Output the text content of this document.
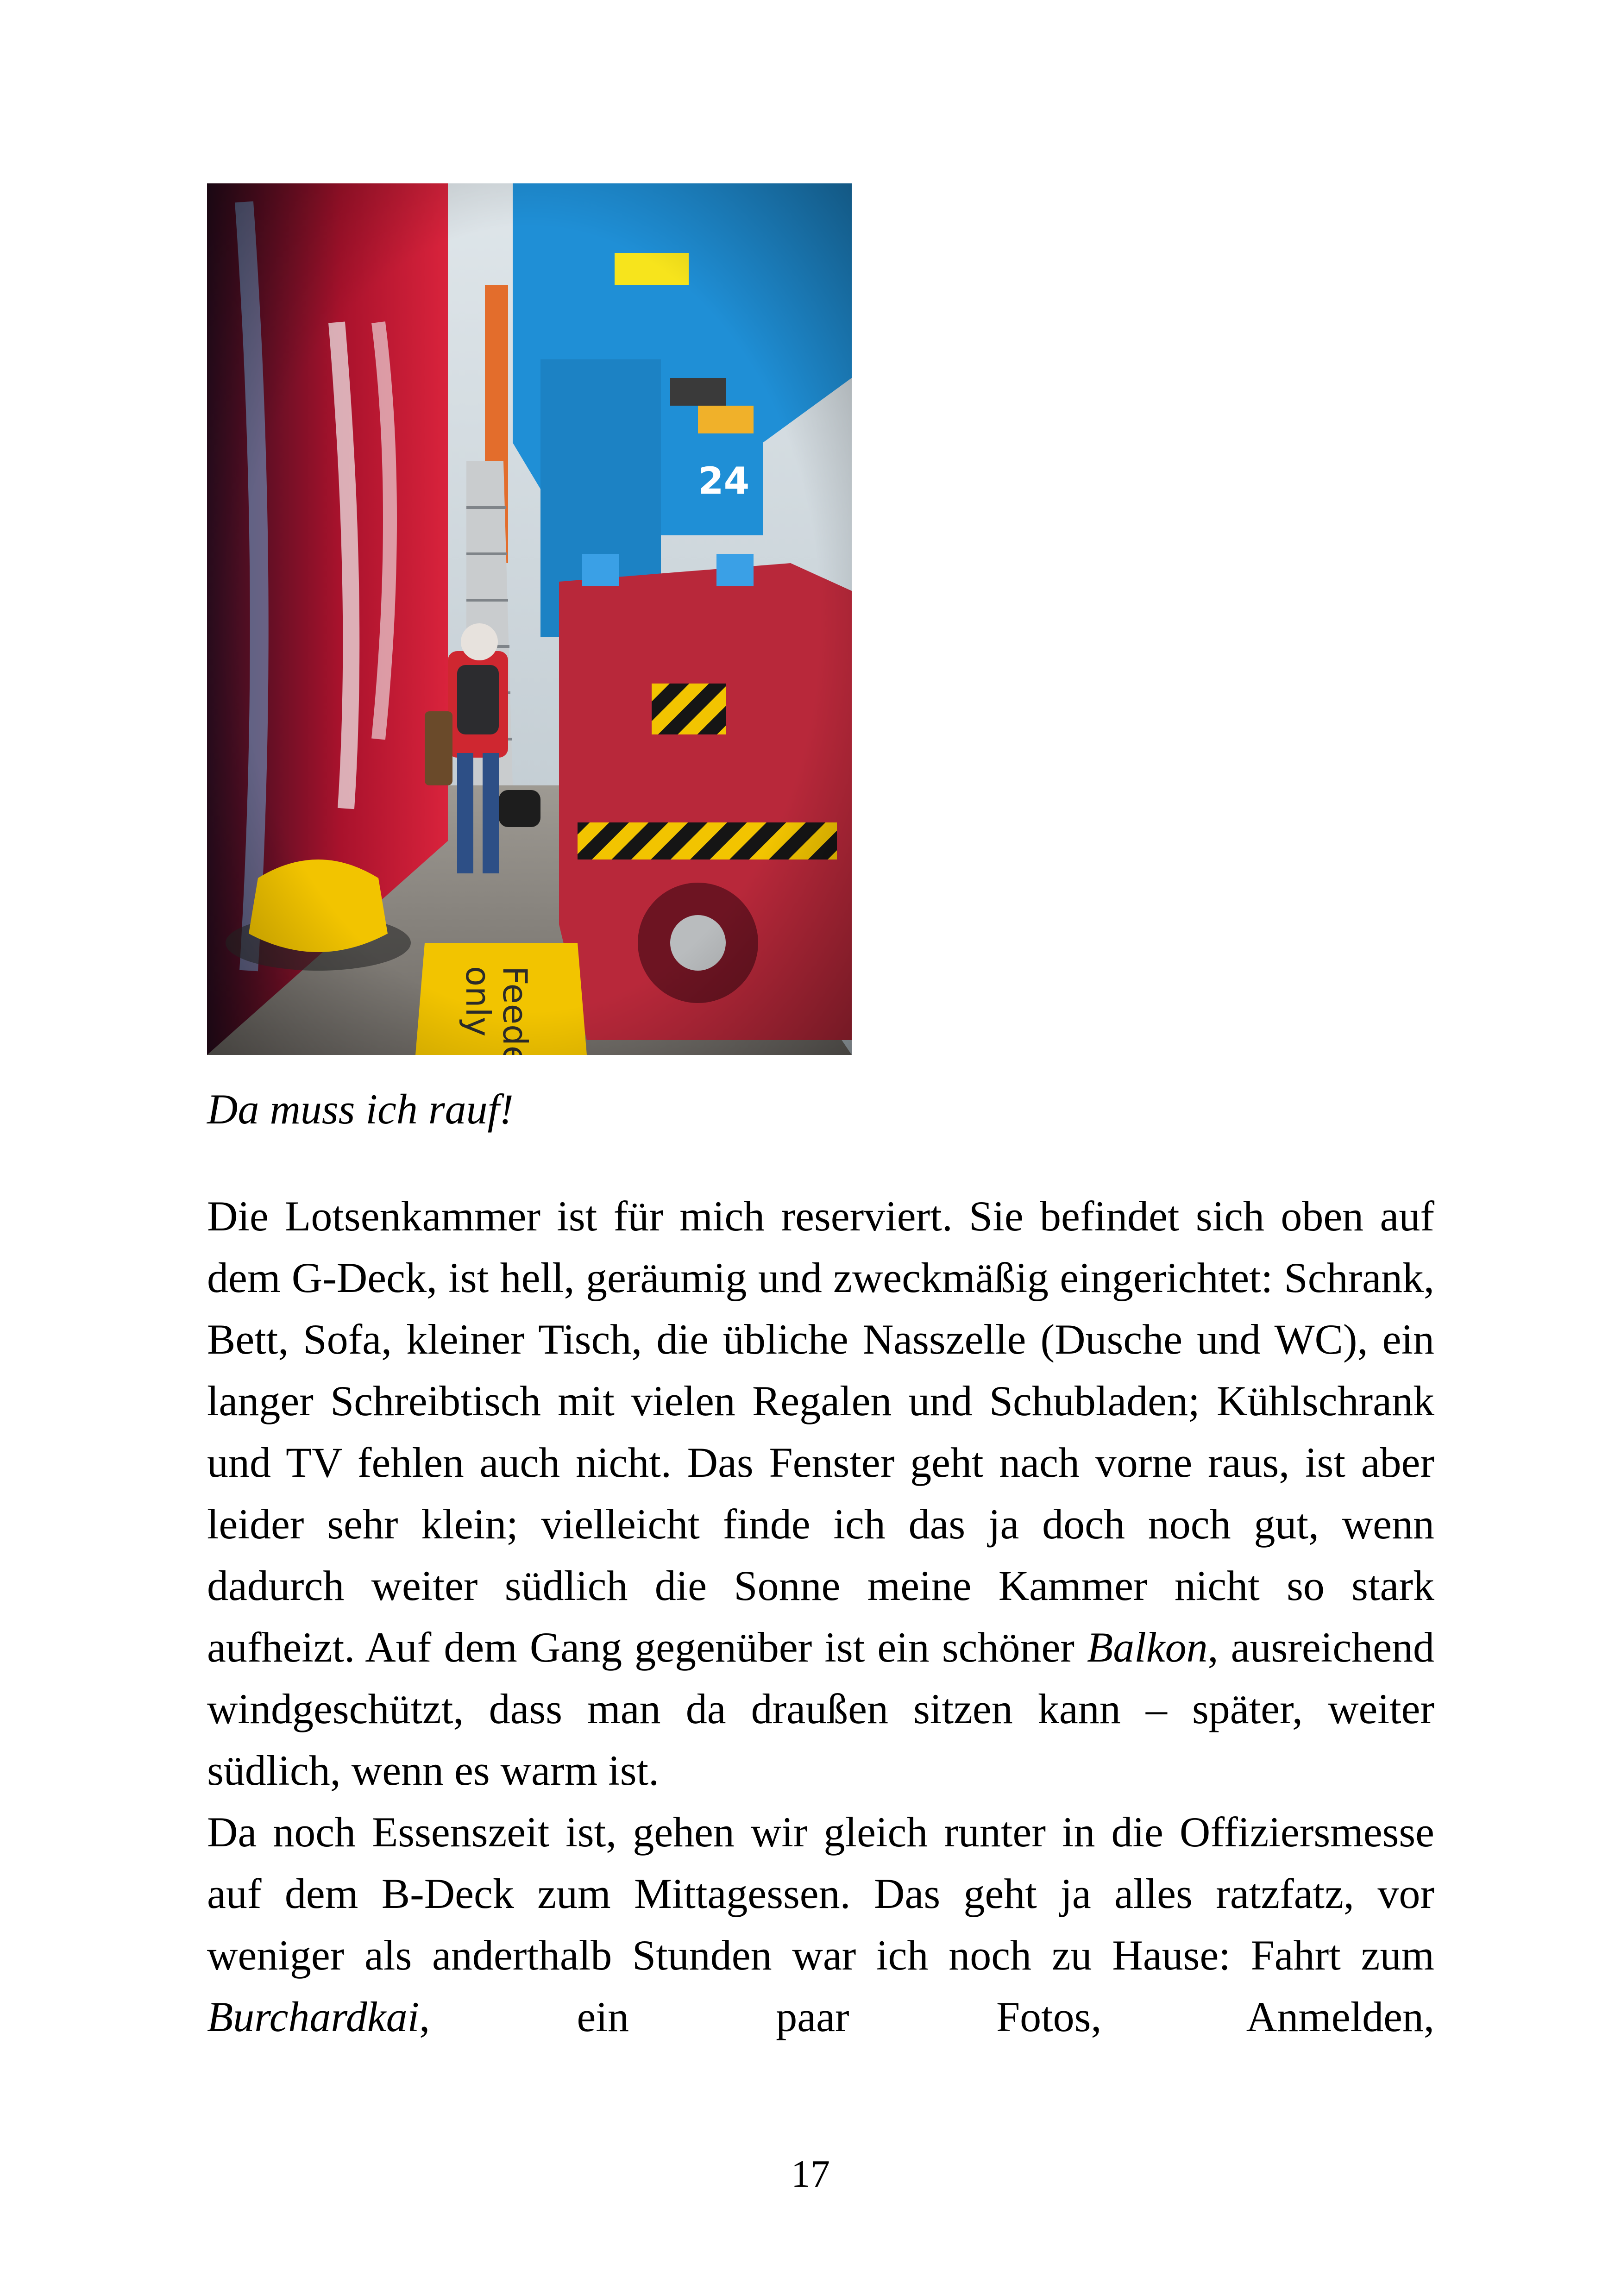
Da muss ich rauf!

Die Lotsenkammer ist für mich reserviert. Sie befindet sich oben auf dem G-Deck, ist hell, geräumig und zweckmäßig eingerichtet: Schrank, Bett, Sofa, kleiner Tisch, die übliche Nasszelle (Dusche und WC), ein langer Schreibtisch mit vielen Regalen und Schubladen; Kühlschrank und TV fehlen auch nicht. Das Fenster geht nach vorne raus, ist aber leider sehr klein; vielleicht finde ich das ja doch noch gut, wenn dadurch weiter südlich die Sonne meine Kammer nicht so stark aufheizt. Auf dem Gang gegenüber ist ein schöner Balkon, ausreichend windgeschützt, dass man da draußen sitzen kann – später, weiter südlich, wenn es warm ist.

Da noch Essenszeit ist, gehen wir gleich runter in die Offiziersmesse auf dem B-Deck zum Mittagessen. Das geht ja alles ratzfatz, vor weniger als anderthalb Stunden war ich noch zu Hause: Fahrt zum Burchardkai, ein paar Fotos, Anmelden,

17
